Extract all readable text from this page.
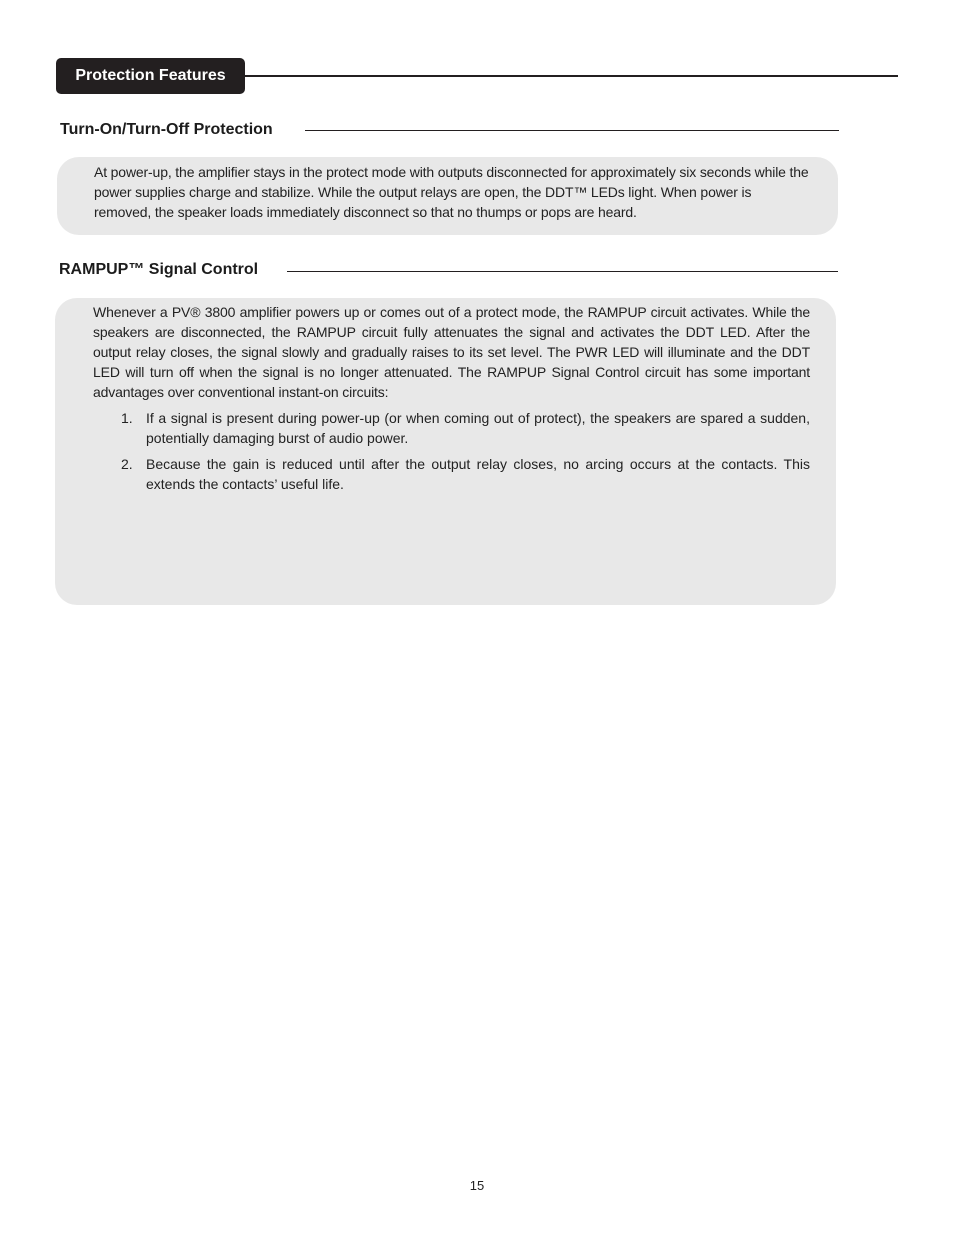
Protection Features
Turn-On/Turn-Off Protection

At power-up, the amplifier stays in the protect mode with outputs disconnected for approximately six seconds while the power supplies charge and stabilize. While the output relays are open, the DDT™ LEDs light. When power is removed, the speaker loads immediately disconnect so that no thumps or pops are heard.

RAMPUP™ Signal Control

Whenever a PV® 3800 amplifier powers up or comes out of a protect mode, the RAMPUP circuit activates. While the speakers are disconnected, the RAMPUP circuit fully attenuates the signal and activates the DDT LED. After the output relay closes, the signal slowly and gradually raises to its set level. The PWR LED will illuminate and the DDT LED will turn off when the signal is no longer attenuated. The RAMPUP Signal Control circuit has some important advantages over conventional instant-on circuits:

1. If a signal is present during power-up (or when coming out of protect), the speakers are spared a sudden, potentially damaging burst of audio power.
2. Because the gain is reduced until after the output relay closes, no arcing occurs at the contacts. This extends the contacts’ useful life.
15
